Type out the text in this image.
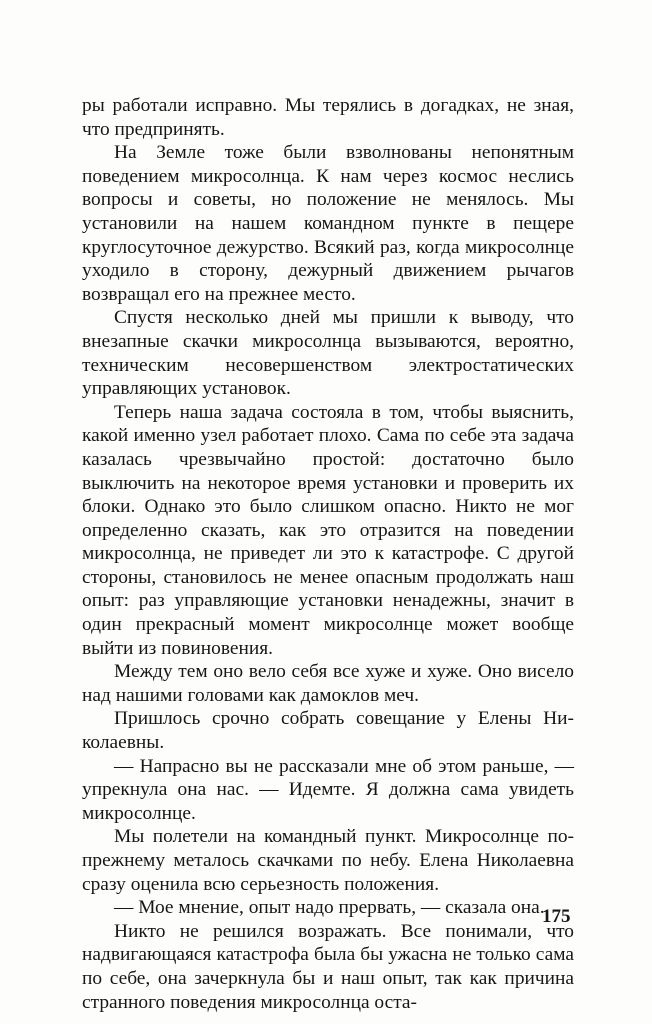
ры работали исправно. Мы терялись в догадках, не зная, что предпринять.

На Земле тоже были взволнованы непонятным поведением микросолнца. К нам через космос неслись вопросы и советы, но положение не менялось. Мы установили на нашем командном пункте в пещере круглосуточное дежурство. Всякий раз, когда микросолнце уходило в сторону, дежурный движением рычагов возвращал его на прежнее место.

Спустя несколько дней мы пришли к выводу, что внезапные скачки микросолнца вызываются, вероятно, техническим несовершенством электростатических управляющих установок.

Теперь наша задача состояла в том, чтобы выяснить, какой именно узел работает плохо. Сама по себе эта задача казалась чрезвычайно простой: достаточно было выключить на некоторое время установки и проверить их блоки. Однако это было слишком опасно. Никто не мог определенно сказать, как это отразится на поведении микросолнца, не приведет ли это к катастрофе. С другой стороны, становилось не менее опасным продолжать наш опыт: раз управляющие установки ненадежны, значит в один прекрасный момент микросолнце может вообще выйти из повиновения.

Между тем оно вело себя все хуже и хуже. Оно висело над нашими головами как дамоклов меч.

Пришлось срочно собрать совещание у Елены Николаевны.

— Напрасно вы не рассказали мне об этом раньше, — упрекнула она нас. — Идемте. Я должна сама увидеть микросолнце.

Мы полетели на командный пункт. Микросолнце по-прежнему металось скачками по небу. Елена Николаевна сразу оценила всю серьезность положения.

— Мое мнение, опыт надо прервать, — сказала она.

Никто не решился возражать. Все понимали, что надвигающаяся катастрофа была бы ужасна не только сама по себе, она зачеркнула бы и наш опыт, так как причина странного поведения микросолнца оста-

175
